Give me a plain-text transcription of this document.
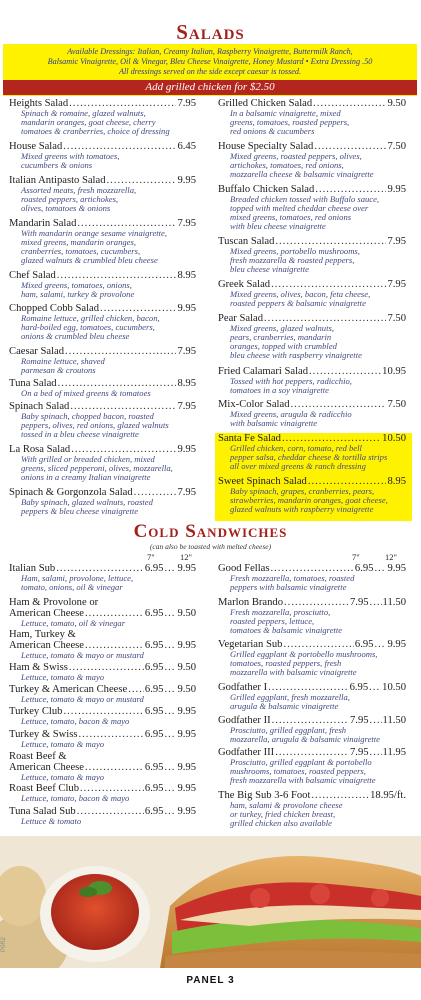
Salads
Available Dressings: Italian, Creamy Italian, Raspberry Vinaigrette, Buttermilk Ranch,
Balsamic Vinaigrette, Oil & Vinegar, Bleu Cheese Vinaigrette, Honey Mustard • Extra Dressing .50
All dressings served on the side except caesar is tossed.
Add grilled chicken for $2.50
Heights Salad .....	7.95
Spinach & romaine, glazed walnuts,
mandarin oranges, goat cheese, cherry
tomatoes & cranberries, choice of dressing
House Salad .....	6.45
Mixed greens with tomatoes,
cucumbers & onions
Italian Antipasto Salad .....	9.95
Assorted meats, fresh mozzarella,
roasted peppers, artichokes,
olives, tomatoes & onions
Mandarin Salad .....	7.95
With mandarin orange sesame vinaigrette,
mixed greens, mandarin oranges,
cranberries, tomatoes, cucumbers,
glazed walnuts & crumbled bleu cheese
Chef Salad .....	8.95
Mixed greens, tomatoes, onions,
ham, salami, turkey & provolone
Chopped Cobb Salad .....	9.95
Romaine lettuce, grilled chicken, bacon,
hard-boiled egg, tomatoes, cucumbers,
onions & crumbled bleu cheese
Caesar Salad .....	7.95
Romaine lettuce, shaved
parmesan & croutons
Tuna Salad .....	8.95
On a bed of mixed greens & tomatoes
Spinach Salad .....	7.95
Baby spinach, chopped bacon, roasted
peppers, olives, red onions, glazed walnuts
tossed in a bleu cheese vinaigrette
La Rosa Salad .....	9.95
With grilled or breaded chicken, mixed
greens, sliced pepperoni, olives, mozzarella,
onions in a creamy Italian vinaigrette
Spinach & Gorgonzola Salad .....	7.95
Baby spinach, glazed walnuts, roasted
peppers & bleu cheese vinaigrette
Grilled Chicken Salad .....	9.50
In a balsamic vinaigrette, mixed
greens, tomatoes, roasted peppers,
red onions & cucumbers
House Specialty Salad .....	7.50
Mixed greens, roasted peppers, olives,
artichokes, tomatoes, red onions,
mozzarella cheese & balsamic vinaigrette
Buffalo Chicken Salad .....	9.95
Breaded chicken tossed with Buffalo sauce,
topped with melted cheddar cheese over
mixed greens, tomatoes, red onions
with bleu cheese vinaigrette
Tuscan Salad .....	7.95
Mixed greens, portobello mushrooms,
fresh mozzarella & roasted peppers,
bleu cheese vinaigrette
Greek Salad .....	7.95
Mixed greens, olives, bacon, feta cheese,
roasted peppers & balsamic vinaigrette
Pear Salad .....	7.50
Mixed greens, glazed walnuts,
pears, cranberries, mandarin
oranges, topped with crumbled
bleu cheese with raspberry vinaigrette
Fried Calamari Salad .....	10.95
Tossed with hot peppers, radicchio,
tomatoes in a soy vinaigrette
Mix-Color Salad .....	7.50
Mixed greens, arugula & radicchio
with balsamic vinaigrette
Santa Fe Salad .....	10.50
Grilled chicken, corn, tomato, red bell
pepper salsa, cheddar cheese & tortilla strips
all over mixed greens & ranch dressing
Sweet Spinach Salad .....	8.95
Baby spinach, grapes, cranberries, pears,
strawberries, mandarin oranges, goat cheese,
glazed walnuts with raspberry vinaigrette
Cold Sandwiches
(can also be toasted with melted cheese)
7"	12"	7"	12"
Italian Sub .....	6.95 ..... 9.95
Ham, salami, provolone, lettuce,
tomato, onions, oil & vinegar
Ham & Provolone or
American Cheese .....	6.95 ..... 9.50
Lettuce, tomato, oil & vinegar
Ham, Turkey &
American Cheese .....	6.95 ..... 9.95
Lettuce, tomato & mayo or mustard
Ham & Swiss .....	6.95 ..... 9.50
Lettuce, tomato & mayo
Turkey & American Cheese ..... 6.95 ..... 9.50
Lettuce, tomato & mayo or mustard
Turkey Club .....	6.95 ..... 9.95
Lettuce, tomato, bacon & mayo
Turkey & Swiss .....	6.95 ..... 9.95
Lettuce, tomato & mayo
Roast Beef &
American Cheese .....	6.95 ..... 9.95
Lettuce, tomato & mayo
Roast Beef Club .....	6.95 ..... 9.95
Lettuce, tomato, bacon & mayo
Tuna Salad Sub .....	6.95 ..... 9.95
Lettuce & tomato
Good Fellas .....	6.95 ..... 9.95
Fresh mozzarella, tomatoes, roasted
peppers with balsamic vinaigrette
Marlon Brando .....	7.95 ..... 11.50
Fresh mozzarella, prosciutto,
roasted peppers, lettuce,
tomatoes & balsamic vinaigrette
Vegetarian Sub .....	6.95 ..... 9.95
Grilled eggplant & portobello mushrooms,
tomatoes, roasted peppers, fresh
mozzarella with balsamic vinaigrette
Godfather I .....	6.95 ..... 10.50
Grilled eggplant, fresh mozzarella,
arugula & balsamic vinaigrette
Godfather II .....	7.95 ..... 11.50
Prosciutto, grilled eggplant, fresh
mozzarella, arugula & balsamic vinaigrette
Godfather III .....	7.95 ..... 11.95
Prosciutto, grilled eggplant & portobello
mushrooms, tomatoes, roasted peppers,
fresh mozzarella with balsamic vinaigrette
The Big Sub 3-6 Foot .....	18.95/ft.
ham, salami & provolone cheese
or turkey, fried chicken breast,
grilled chicken also available
PANEL 3
P0R2
